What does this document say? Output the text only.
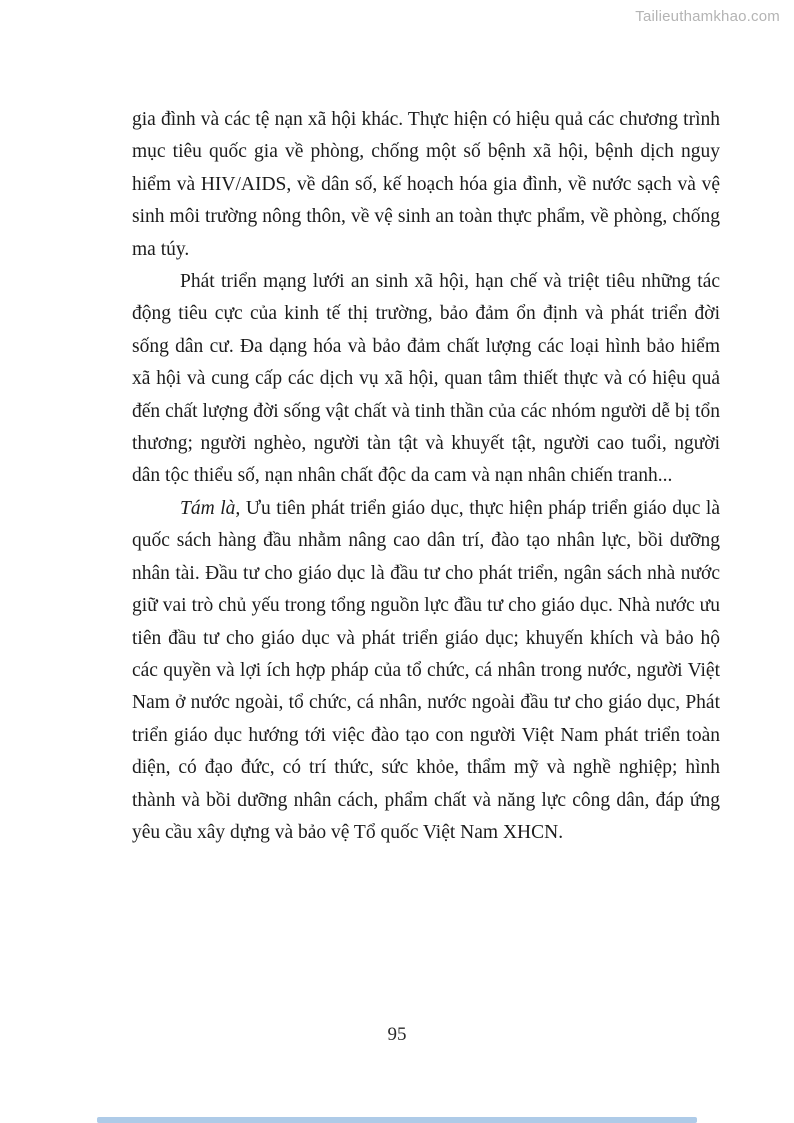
Tailieuthamkhao.com

gia đình và các tệ nạn xã hội khác. Thực hiện có hiệu quả các chương trình mục tiêu quốc gia về phòng, chống một số bệnh xã hội, bệnh dịch nguy hiểm và HIV/AIDS, về dân số, kế hoạch hóa gia đình, về nước sạch và vệ sinh môi trường nông thôn, về vệ sinh an toàn thực phẩm, về phòng, chống ma túy.

Phát triển mạng lưới an sinh xã hội, hạn chế và triệt tiêu những tác động tiêu cực của kinh tế thị trường, bảo đảm ổn định và phát triển đời sống dân cư. Đa dạng hóa và bảo đảm chất lượng các loại hình bảo hiểm xã hội và cung cấp các dịch vụ xã hội, quan tâm thiết thực và có hiệu quả đến chất lượng đời sống vật chất và tinh thần của các nhóm người dễ bị tổn thương; người nghèo, người tàn tật và khuyết tật, người cao tuổi, người dân tộc thiểu số, nạn nhân chất độc da cam và nạn nhân chiến tranh...

Tám là, Ưu tiên phát triển giáo dục, thực hiện pháp triển giáo dục là quốc sách hàng đầu nhằm nâng cao dân trí, đào tạo nhân lực, bồi dưỡng nhân tài. Đầu tư cho giáo dục là đầu tư cho phát triển, ngân sách nhà nước giữ vai trò chủ yếu trong tổng nguồn lực đầu tư cho giáo dục. Nhà nước ưu tiên đầu tư cho giáo dục và phát triển giáo dục; khuyến khích và bảo hộ các quyền và lợi ích hợp pháp của tổ chức, cá nhân trong nước, người Việt Nam ở nước ngoài, tổ chức, cá nhân, nước ngoài đầu tư cho giáo dục, Phát triển giáo dục hướng tới việc đào tạo con người Việt Nam phát triển toàn diện, có đạo đức, có trí thức, sức khỏe, thẩm mỹ và nghề nghiệp; hình thành và bồi dưỡng nhân cách, phẩm chất và năng lực công dân, đáp ứng yêu cầu xây dựng và bảo vệ Tổ quốc Việt Nam XHCN.

95
